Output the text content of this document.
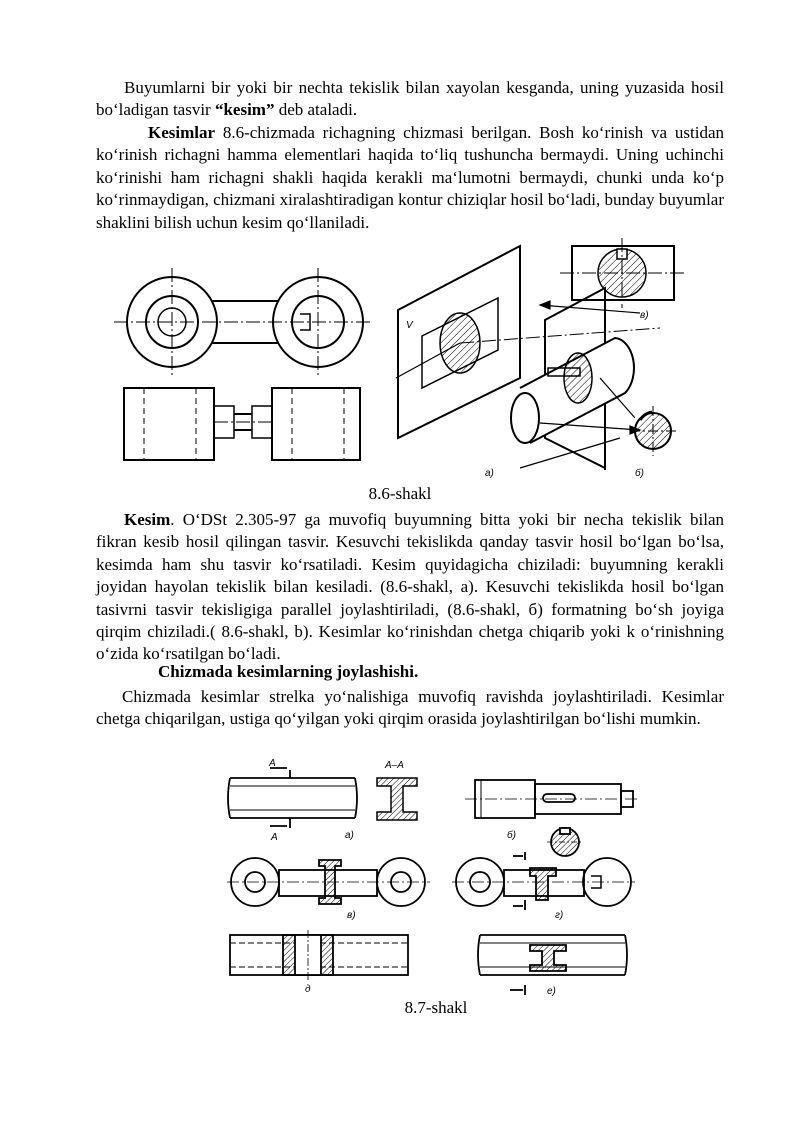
Buyumlarni bir yoki bir nechta tekislik bilan xayolan kesganda, uning yuzasida hosil bo‘ladigan tasvir “kesim” deb ataladi.

Kesimlar 8.6-chizmada richagning chizmasi berilgan. Bosh ko‘rinish va ustidan ko‘rinish richagni hamma elementlari haqida to‘liq tushuncha bermaydi. Uning uchinchi ko‘rinishi ham richagni shakli haqida kerakli ma‘lumotni bermaydi, chunki unda ko‘p ko‘rinmaydigan, chizmani xiralashtiradigan kontur chiziqlar hosil bo‘ladi, bunday buyumlar shaklini bilish uchun kesim qo‘llaniladi.

V
в)
a)	б)
8.6-shakl

Kesim. O‘DSt 2.305-97 ga muvofiq buyumning bitta yoki bir necha tekislik bilan fikran kesib hosil qilingan tasvir. Kesuvchi tekislikda qanday tasvir hosil bo‘lgan bo‘lsa, kesimda ham shu tasvir ko‘rsatiladi. Kesim quyidagicha chiziladi: buyumning kerakli joyidan hayolan tekislik bilan kesiladi. (8.6-shakl, a). Kesuvchi tekislikda hosil bo‘lgan tasivrni tasvir tekisligiga parallel joylashtiriladi, (8.6-shakl, б) formatning bo‘sh joyiga qirqim chiziladi.( 8.6-shakl, b). Kesimlar ko‘rinishdan chetga chiqarib yoki k o‘rinishning o‘zida ko‘rsatilgan bo‘ladi.

Chizmada kesimlarning joylashishi.

Chizmada kesimlar strelka yo‘nalishiga muvofiq ravishda joylashtiriladi. Kesimlar chetga chiqarilgan, ustiga qo‘yilgan yoki qirqim orasida joylashtirilgan bo‘lishi mumkin.

A
A
A–A
a)	б)
в)	г)
д	е)
8.7-shakl
